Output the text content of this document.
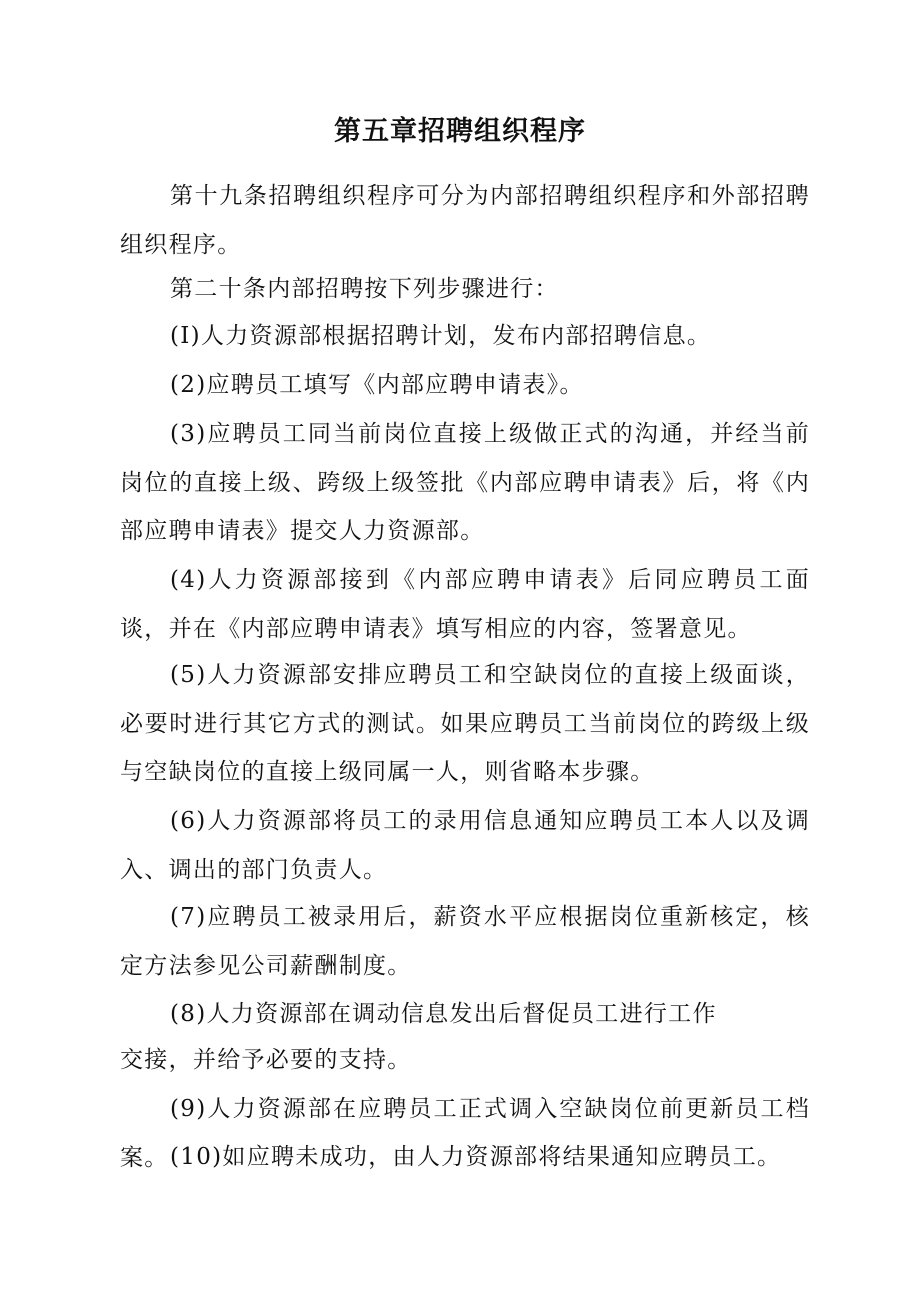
第五章招聘组织程序

第十九条招聘组织程序可分为内部招聘组织程序和外部招聘组织程序。

第二十条内部招聘按下列步骤进行：

(I)人力资源部根据招聘计划，发布内部招聘信息。

(2)应聘员工填写《内部应聘申请表》。

(3)应聘员工同当前岗位直接上级做正式的沟通，并经当前岗位的直接上级、跨级上级签批《内部应聘申请表》后，将《内部应聘申请表》提交人力资源部。

(4)人力资源部接到《内部应聘申请表》后同应聘员工面谈，并在《内部应聘申请表》填写相应的内容，签署意见。

(5)人力资源部安排应聘员工和空缺岗位的直接上级面谈，必要时进行其它方式的测试。如果应聘员工当前岗位的跨级上级与空缺岗位的直接上级同属一人，则省略本步骤。

(6)人力资源部将员工的录用信息通知应聘员工本人以及调入、调出的部门负责人。

(7)应聘员工被录用后，薪资水平应根据岗位重新核定，核定方法参见公司薪酬制度。

(8)人力资源部在调动信息发出后督促员工进行工作

交接，并给予必要的支持。

(9)人力资源部在应聘员工正式调入空缺岗位前更新员工档案。 (10)如应聘未成功，由人力资源部将结果通知应聘员工。
